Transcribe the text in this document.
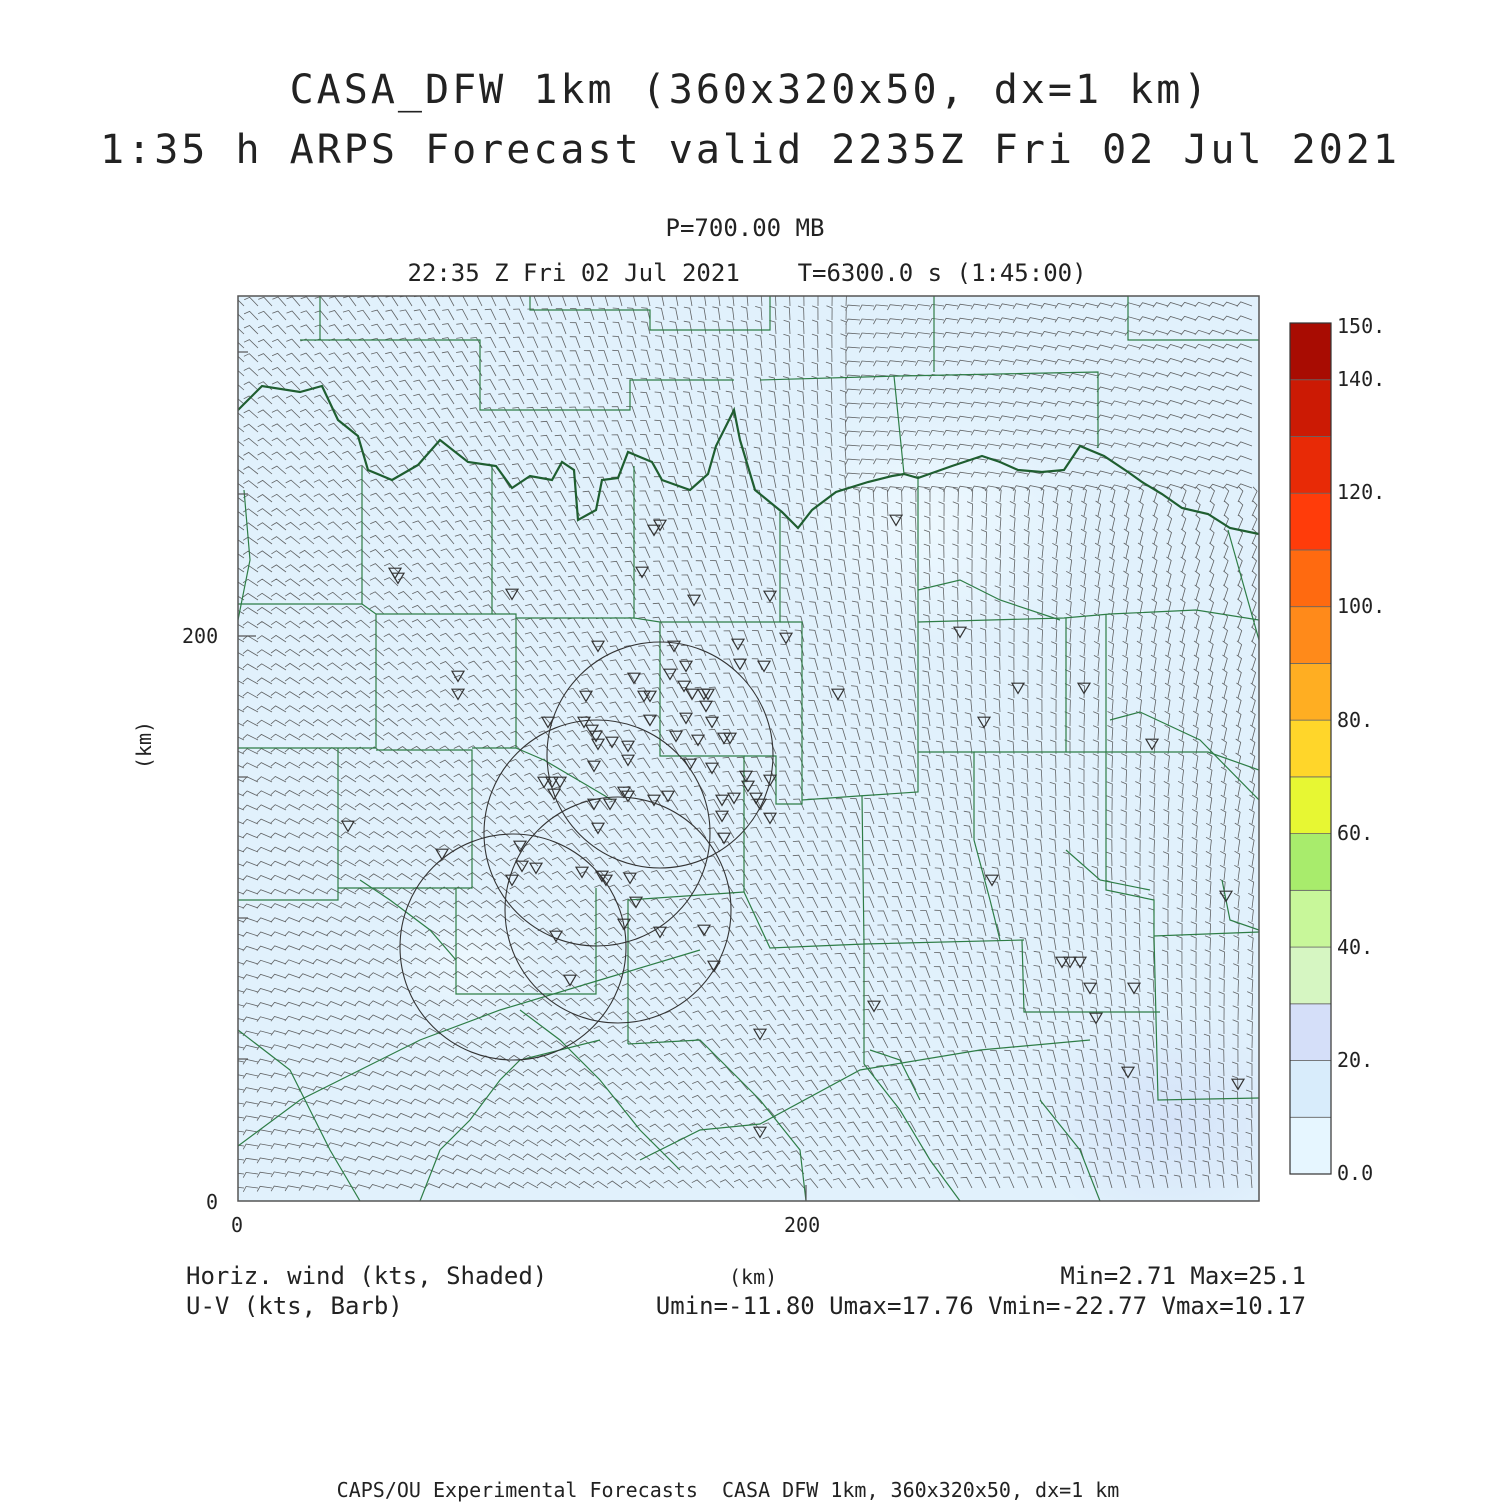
CASA_DFW 1km (360x320x50, dx=1 km)
1:35 h ARPS Forecast valid 2235Z Fri 02 Jul 2021
P=700.00 MB
22:35 Z Fri 02 Jul 2021    T=6300.0 s (1:45:00)
200
0
0	200
(km)
150.
140.
120.
100.
80.
60.
40.
20.
0.0
Horiz. wind (kts, Shaded)
U-V (kts, Barb)
(km)	Min=2.71 Max=25.1
Umin=-11.80 Umax=17.76 Vmin=-22.77 Vmax=10.17
CAPS/OU Experimental Forecasts  CASA DFW 1km, 360x320x50, dx=1 km
